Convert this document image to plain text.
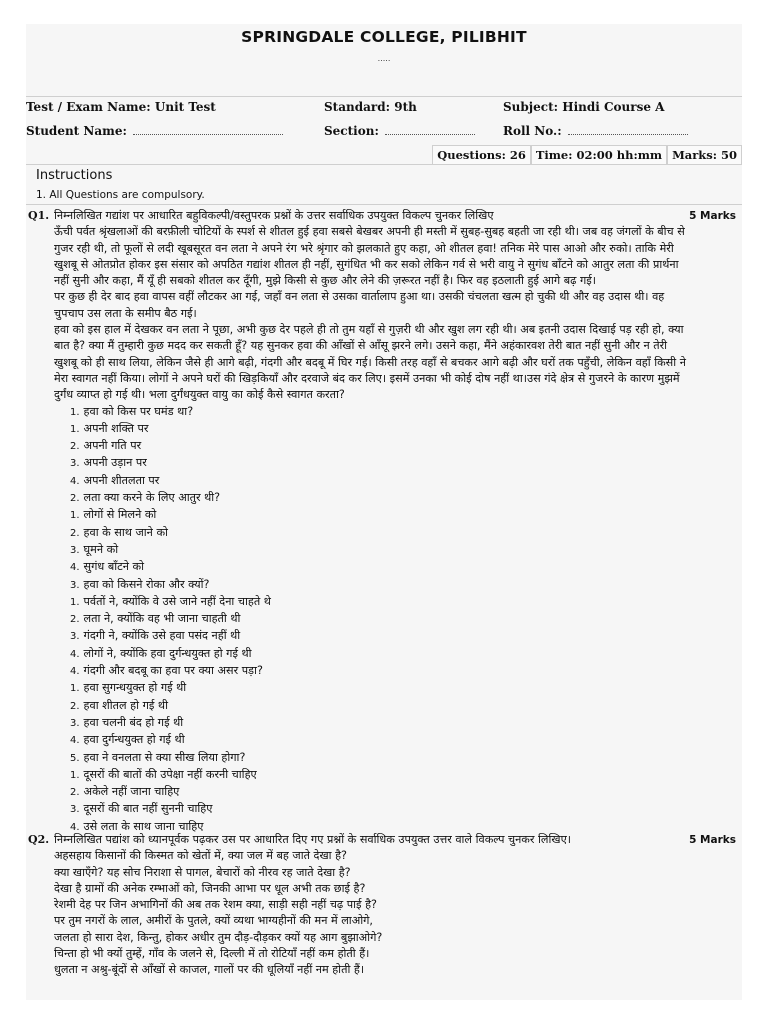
SPRINGDALE COLLEGE, PILIBHIT
.....
Test / Exam Name: Unit Test	Standard: 9th	Subject: Hindi Course A
Student Name:	Section:	Roll No.:
Questions: 26 Time: 02:00 hh:mm Marks: 50
Instructions
1. All Questions are compulsory.
Q1.	5 Marks

निम्नलिखित गद्यांश पर आधारित बहुविकल्पी/वस्तुपरक प्रश्नों के उत्तर सर्वाधिक उपयुक्त विकल्प चुनकर लिखिए

ऊँची पर्वत श्रृंखलाओं की बरफ़ीली चोटियों के स्पर्श से शीतल हुई हवा सबसे बेखबर अपनी ही मस्ती में सुबह-सुबह बहती जा रही थी। जब वह जंगलों के बीच से गुजर रही थी, तो फूलों से लदी खूबसूरत वन लता ने अपने रंग भरे श्रृंगार को झलकाते हुए कहा, ओ शीतल हवा! तनिक मेरे पास आओ और रुको। ताकि मेरी खुशबू से ओतप्रोत होकर इस संसार को अपठित गद्यांश शीतल ही नहीं, सुगंधित भी कर सको लेकिन गर्व से भरी वायु ने सुगंध बाँटने को आतुर लता की प्रार्थना नहीं सुनी और कहा, मैं यूँ ही सबको शीतल कर दूँगी, मुझे किसी से कुछ और लेने की ज़रूरत नहीं है। फिर वह इठलाती हुई आगे बढ़ गई।

पर कुछ ही देर बाद हवा वापस वहीं लौटकर आ गई, जहाँ वन लता से उसका वार्तालाप हुआ था। उसकी चंचलता खत्म हो चुकी थी और वह उदास थी। वह चुपचाप उस लता के समीप बैठ गई।

हवा को इस हाल में देखकर वन लता ने पूछा, अभी कुछ देर पहले ही तो तुम यहाँ से गुज़री थी और खुश लग रही थी। अब इतनी उदास दिखाई पड़ रही हो, क्या बात है? क्या मैं तुम्हारी कुछ मदद कर सकती हूँ? यह सुनकर हवा की आँखों से आँसू झरने लगे। उसने कहा, मैंने अहंकारवश तेरी बात नहीं सुनी और न तेरी खुशबू को ही साथ लिया, लेकिन जैसे ही आगे बढ़ी, गंदगी और बदबू में घिर गई। किसी तरह वहाँ से बचकर आगे बढ़ी और घरों तक पहुँची, लेकिन वहाँ किसी ने मेरा स्वागत नहीं किया। लोगों ने अपने घरों की खिड़कियाँ और दरवाजे बंद कर लिए। इसमें उनका भी कोई दोष नहीं था।उस गंदे क्षेत्र से गुजरने के कारण मुझमें दुर्गंध व्याप्त हो गई थी। भला दुर्गंधयुक्त वायु का कोई कैसे स्वागत करता?

1. हवा को किस पर घमंड था?
1. अपनी शक्ति पर
2. अपनी गति पर
3. अपनी उड़ान पर
4. अपनी शीतलता पर
2. लता क्या करने के लिए आतुर थी?
1. लोगों से मिलने को
2. हवा के साथ जाने को
3. घूमने को
4. सुगंध बाँटने को
3. हवा को किसने रोका और क्यों?
1. पर्वतों ने, क्योंकि वे उसे जाने नहीं देना चाहते थे
2. लता ने, क्योंकि वह भी जाना चाहती थी
3. गंदगी ने, क्योंकि उसे हवा पसंद नहीं थी
4. लोगों ने, क्योंकि हवा दुर्गन्धयुक्त हो गई थी
4. गंदगी और बदबू का हवा पर क्या असर पड़ा?
1. हवा सुगन्धयुक्त हो गई थी
2. हवा शीतल हो गई थी
3. हवा चलनी बंद हो गई थी
4. हवा दुर्गन्धयुक्त हो गई थी
5. हवा ने वनलता से क्या सीख लिया होगा?
1. दूसरों की बातों की उपेक्षा नहीं करनी चाहिए
2. अकेले नहीं जाना चाहिए
3. दूसरों की बात नहीं सुननी चाहिए
4. उसे लता के साथ जाना चाहिए
Q2.	5 Marks

निम्नलिखित पद्यांश को ध्यानपूर्वक पढ़कर उस पर आधारित दिए गए प्रश्नों के सर्वाधिक उपयुक्त उत्तर वाले विकल्प चुनकर लिखिए।

अहसहाय किसानों की किस्मत को खेतों में, क्या जल में बह जाते देखा है?
क्या खाएँगे? यह सोच निराशा से पागल, बेचारों को नीरव रह जाते देखा है?
देखा है ग्रामों की अनेक रम्भाओं को, जिनकी आभा पर धूल अभी तक छाई है?
रेशमी देह पर जिन अभागिनों की अब तक रेशम क्या, साड़ी सही नहीं चढ़ पाई है?
पर तुम नगरों के लाल, अमीरों के पुतले, क्यों व्यथा भाग्यहीनों की मन में लाओगे,
जलता हो सारा देश, किन्तु, होकर अधीर तुम दौड़-दौड़कर क्यों यह आग बुझाओगे?
चिन्ता हो भी क्यों तुम्हें, गाँव के जलने से, दिल्ली में तो रोटियाँ नहीं कम होती हैं।
धुलता न अश्रु-बूंदों से आँखों से काजल, गालों पर की धूलियाँ नहीं नम होती हैं।
